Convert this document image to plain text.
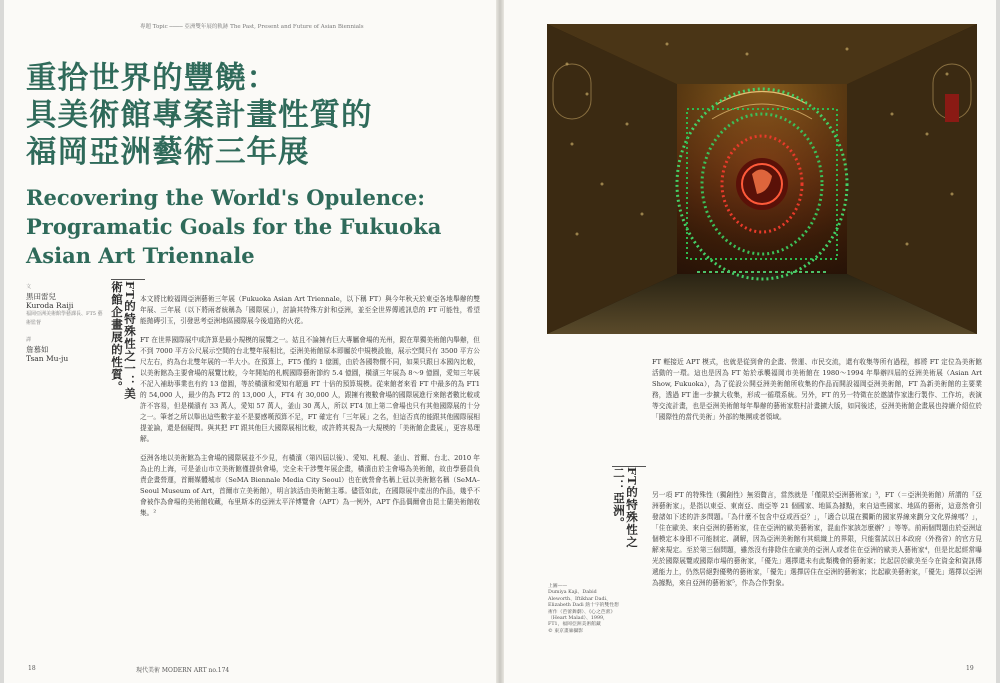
專題 Topic ──── 亞洲雙年展的軌跡 The Past, Present and Future of Asian Biennials
重拾世界的豐饒：
具美術館專案計畫性質的
福岡亞洲藝術三年展
Recovering the World's Opulence: Programatic Goals for the Fukuoka Asian Art Triennale
文
黒田雷兒
Kuroda Raiji
福岡亞洲美術館學藝課長、FT5 藝術監督
譯
詹慕如
Tsan Mu-ju	FT的特殊性之一：美術館企畫展的性質。	本文將比較福岡亞洲藝術三年展（Fukuoka Asian Art Triennale，以下稱 FT）與今年秋天於東亞各地舉辦的雙年展、三年展（以下將兩者統稱為「國際展」），討論其特殊方針和亞洲，並至全世界傳遞訊息的 FT 可能性，希望能拋磚引玉，引發思考亞洲地區國際展今後道路的火花。

FT 在世界國際展中或許算是最小規模的展覽之一。姑且不論擁有巨大專屬會場的光州，跟在單獨美術館內舉辦，但不到 7000 平方公尺展示空間的台北雙年展相比，亞洲美術館原本即屬於中規模設施，展示空間只有 3500 平方公尺左右，約為台北雙年展的一半大小。在預算上，FT5 僅約 1 億圓，由於各國物價不同，如果只跟日本國內比較，以美術館為主要會場的展覽比較，今年開始的札幌國際藝術節約 5.4 億圓，橫濱三年展為 8～9 億圓，愛知三年展不記入補助事業也有約 13 億圓，等於橫濱和愛知有超過 FT 十倍的預算規模。從來館者來看 FT 中最多的為 FT1 的 54,000 人，最少的為 FT2 的 13,000 人，FT4 有 30,000 人，跟擁有複數會場的國際展進行來館者數比較或許不容易，但是橫濱有 33 萬人，愛知 57 萬人，釜山 30 萬人，所以 FT4 加上第二會場也只有其他國際展的十分之一。筆者之所以舉出這些數字並不是要感嘆預算不足，FT 確定有「三年展」之名，但這否真的能跟其他國際展相提並論，還是個疑問。與其把 FT 跟其他巨大國際展相比較，或許將其視為一大規模的「美術館企畫展」，更容易理解。

亞洲各地以美術館為主會場的國際展並不少見，有橫濱（第四屆以後）、愛知、札幌、釜山、首爾、台北、2010 年為止的上海，可是釜山市立美術館僅提供會場，完全未干涉雙年展企畫，橫濱由於主會場為美術館，故由學藝員負責企畫營運，首爾媒體城市（SeMA Biennale Media City Seoul）也在就營會名稱上冠以美術館名稱（SeMA–Seoul Museum of Art，首爾市立美術館），明言該活由美術館主導。儘管如此，在國際展中產出的作品，幾乎不會被作為會場的美術館收藏，布里斯本的亞洲太平洋博覽會（APT）為一例外，APT 作品偶爾會由昆士蘭美術館收集。²

FT 輕接近 APT 模式，也就是從到會的企畫、營運、市民交流，還有收集等所有過程，都將 FT 定位為美術館活動的一環。這也是因為 FT 始於承襲福岡市美術館在 1980～1994 年舉辦四屆的亞洲美術展（Asian Art Show, Fukuoka），為了從設公開亞洲美術館所收集的作品而開設福岡亞洲美術館，FT 為新美術館的主要業務，透過 FT 進一步擴大收集，形成一循環系統。另外，FT 的另一特徵在於邀請作家進行製作、工作坊，表演等交流計畫，也是亞洲美術館每年舉辦的藝術家駐村計畫擴大版，如同後述，亞洲美術館企畫展也持續介紹位於「國際性的當代美術」外部的集團或者領域。

FT的特殊性之二：亞洲。	另一項 FT 的特殊性（獨創性）無須贅言，當然就是「僅限於亞洲藝術家」³，FT（＝亞洲美術館）所謂的「亞洲藝術家」，是指以東亞、東南亞、南亞等 21 個國家、地區為據點，來自這些國家、地區的藝術，這意然會引發諸如下述的許多問題。「為什麼不包含中亞或西亞？」，「適合以現在獨斷的國家界線來劃分文化界線嗎？」，「住在歐美、來自亞洲的藝術家，住在亞洲的歐美藝術家，混血作家該怎麼辦？」等等。前兩個問題由於亞洲這個模定本身即不可能制定、調解，因為亞洲美術館有其組織上的界限，只能嘗試以日本政府（外務省）的官方見解來規定。至於第三個問題，雖然沒有排除住在歐美的亞洲人或者住在亞洲的歐美人藝術家⁴，但是比起經常曝光於國際展覽或國際市場的藝術家，「優先」選擇還未有此類機會的藝術家；比起居於歐美至今在資金和資訊傳遞能力上，仍然居絕對優勢的藝術家，「優先」選擇居住在亞洲的藝術家；比起歐美藝術家，「優先」選擇以亞洲為據點，來自亞洲的藝術家⁵，作為合作對象。

上圖——
Dumiya Kaji、Dabid Aleworth、Iftikhar Dadi、Elizabeth Dadi 熱十字的雙性想術作（芭蕾舞劇）、《心之芭蕾》（Heart Malad）、1999，FT1，福岡亞洲美術館藏
© 東京畫廊攝影
18	現代美術 MODERN ART no.174	19
